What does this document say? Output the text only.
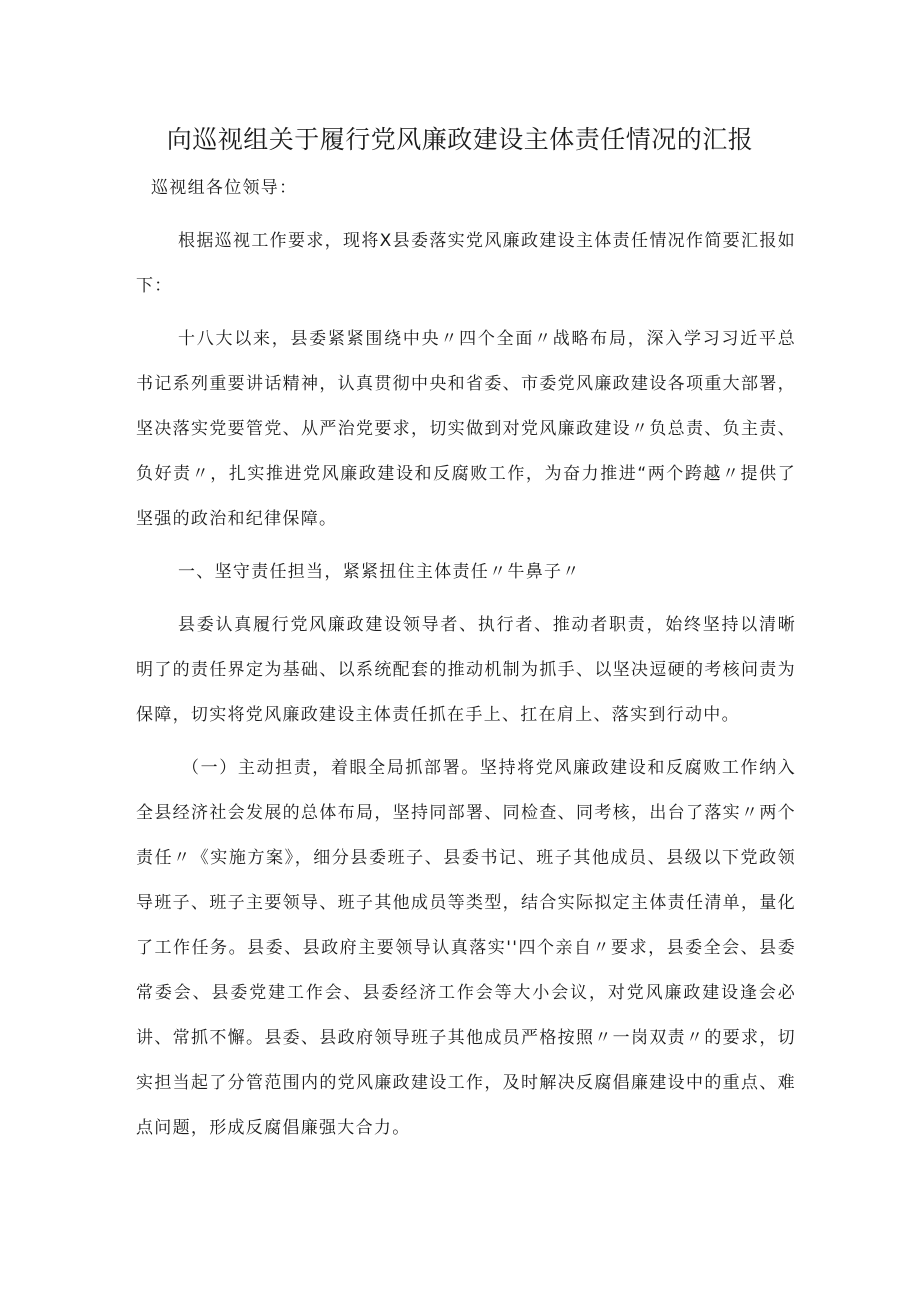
向巡视组关于履行党风廉政建设主体责任情况的汇报

巡视组各位领导：

根据巡视工作要求，现将X县委落实党风廉政建设主体责任情况作简要汇报如下：

十八大以来，县委紧紧围绕中央〃四个全面〃战略布局，深入学习习近平总书记系列重要讲话精神，认真贯彻中央和省委、市委党风廉政建设各项重大部署，坚决落实党要管党、从严治党要求，切实做到对党风廉政建设〃负总责、负主责、负好责〃，扎实推进党风廉政建设和反腐败工作，为奋力推进“两个跨越〃提供了坚强的政治和纪律保障。

一、坚守责任担当，紧紧扭住主体责任〃牛鼻子〃

县委认真履行党风廉政建设领导者、执行者、推动者职责，始终坚持以清晰明了的责任界定为基础、以系统配套的推动机制为抓手、以坚决逗硬的考核问责为保障，切实将党风廉政建设主体责任抓在手上、扛在肩上、落实到行动中。

（一）主动担责，着眼全局抓部署。坚持将党风廉政建设和反腐败工作纳入全县经济社会发展的总体布局，坚持同部署、同检查、同考核，出台了落实〃两个责任〃《实施方案》，细分县委班子、县委书记、班子其他成员、县级以下党政领导班子、班子主要领导、班子其他成员等类型，结合实际拟定主体责任清单，量化了工作任务。县委、县政府主要领导认真落实''四个亲自〃要求，县委全会、县委常委会、县委党建工作会、县委经济工作会等大小会议，对党风廉政建设逢会必讲、常抓不懈。县委、县政府领导班子其他成员严格按照〃一岗双责〃的要求，切实担当起了分管范围内的党风廉政建设工作，及时解决反腐倡廉建设中的重点、难点问题，形成反腐倡廉强大合力。
